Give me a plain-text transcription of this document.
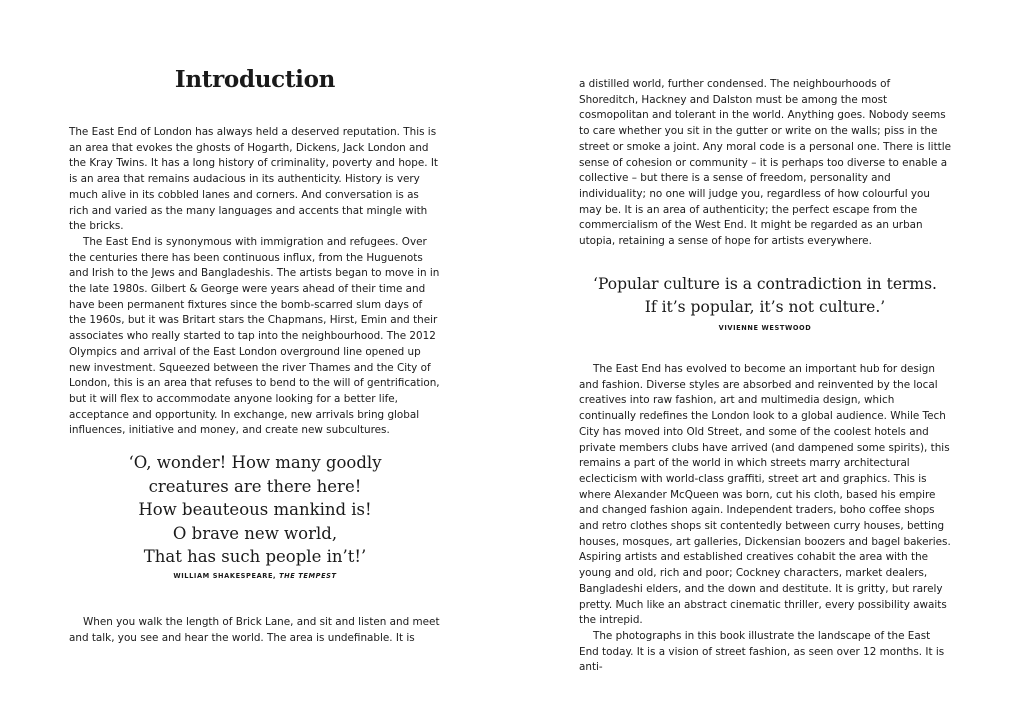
Introduction

The East End of London has always held a deserved reputation. This is an area that evokes the ghosts of Hogarth, Dickens, Jack London and the Kray Twins. It has a long history of criminality, poverty and hope. It is an area that remains audacious in its authenticity. History is very much alive in its cobbled lanes and corners. And conversation is as rich and varied as the many languages and accents that mingle with the bricks.

The East End is synonymous with immigration and refugees. Over the centuries there has been continuous influx, from the Huguenots and Irish to the Jews and Bangladeshis. The artists began to move in in the late 1980s. Gilbert & George were years ahead of their time and have been permanent fixtures since the bomb-scarred slum days of the 1960s, but it was Britart stars the Chapmans, Hirst, Emin and their associates who really started to tap into the neighbourhood. The 2012 Olympics and arrival of the East London overground line opened up new investment. Squeezed between the river Thames and the City of London, this is an area that refuses to bend to the will of gentrification, but it will flex to accommodate anyone looking for a better life, acceptance and opportunity. In exchange, new arrivals bring global influences, initiative and money, and create new subcultures.

‘O, wonder! How many goodly
creatures are there here!
How beauteous mankind is!
O brave new world,
That has such people in’t!’
WILLIAM SHAKESPEARE, THE TEMPEST

When you walk the length of Brick Lane, and sit and listen and meet and talk, you see and hear the world. The area is undefinable. It is

a distilled world, further condensed. The neighbourhoods of Shoreditch, Hackney and Dalston must be among the most cosmopolitan and tolerant in the world. Anything goes. Nobody seems to care whether you sit in the gutter or write on the walls; piss in the street or smoke a joint. Any moral code is a personal one. There is little sense of cohesion or community – it is perhaps too diverse to enable a collective – but there is a sense of freedom, personality and individuality; no one will judge you, regardless of how colourful you may be. It is an area of authenticity; the perfect escape from the commercialism of the West End. It might be regarded as an urban utopia, retaining a sense of hope for artists everywhere.

‘Popular culture is a contradiction in terms.
If it’s popular, it’s not culture.’
VIVIENNE WESTWOOD

The East End has evolved to become an important hub for design and fashion. Diverse styles are absorbed and reinvented by the local creatives into raw fashion, art and multimedia design, which continually redefines the London look to a global audience. While Tech City has moved into Old Street, and some of the coolest hotels and private members clubs have arrived (and dampened some spirits), this remains a part of the world in which streets marry architectural eclecticism with world-class graffiti, street art and graphics. This is where Alexander McQueen was born, cut his cloth, based his empire and changed fashion again. Independent traders, boho coffee shops and retro clothes shops sit contentedly between curry houses, betting houses, mosques, art galleries, Dickensian boozers and bagel bakeries. Aspiring artists and established creatives cohabit the area with the young and old, rich and poor; Cockney characters, market dealers, Bangladeshi elders, and the down and destitute. It is gritty, but rarely pretty. Much like an abstract cinematic thriller, every possibility awaits the intrepid.

The photographs in this book illustrate the landscape of the East End today. It is a vision of street fashion, as seen over 12 months. It is anti-
